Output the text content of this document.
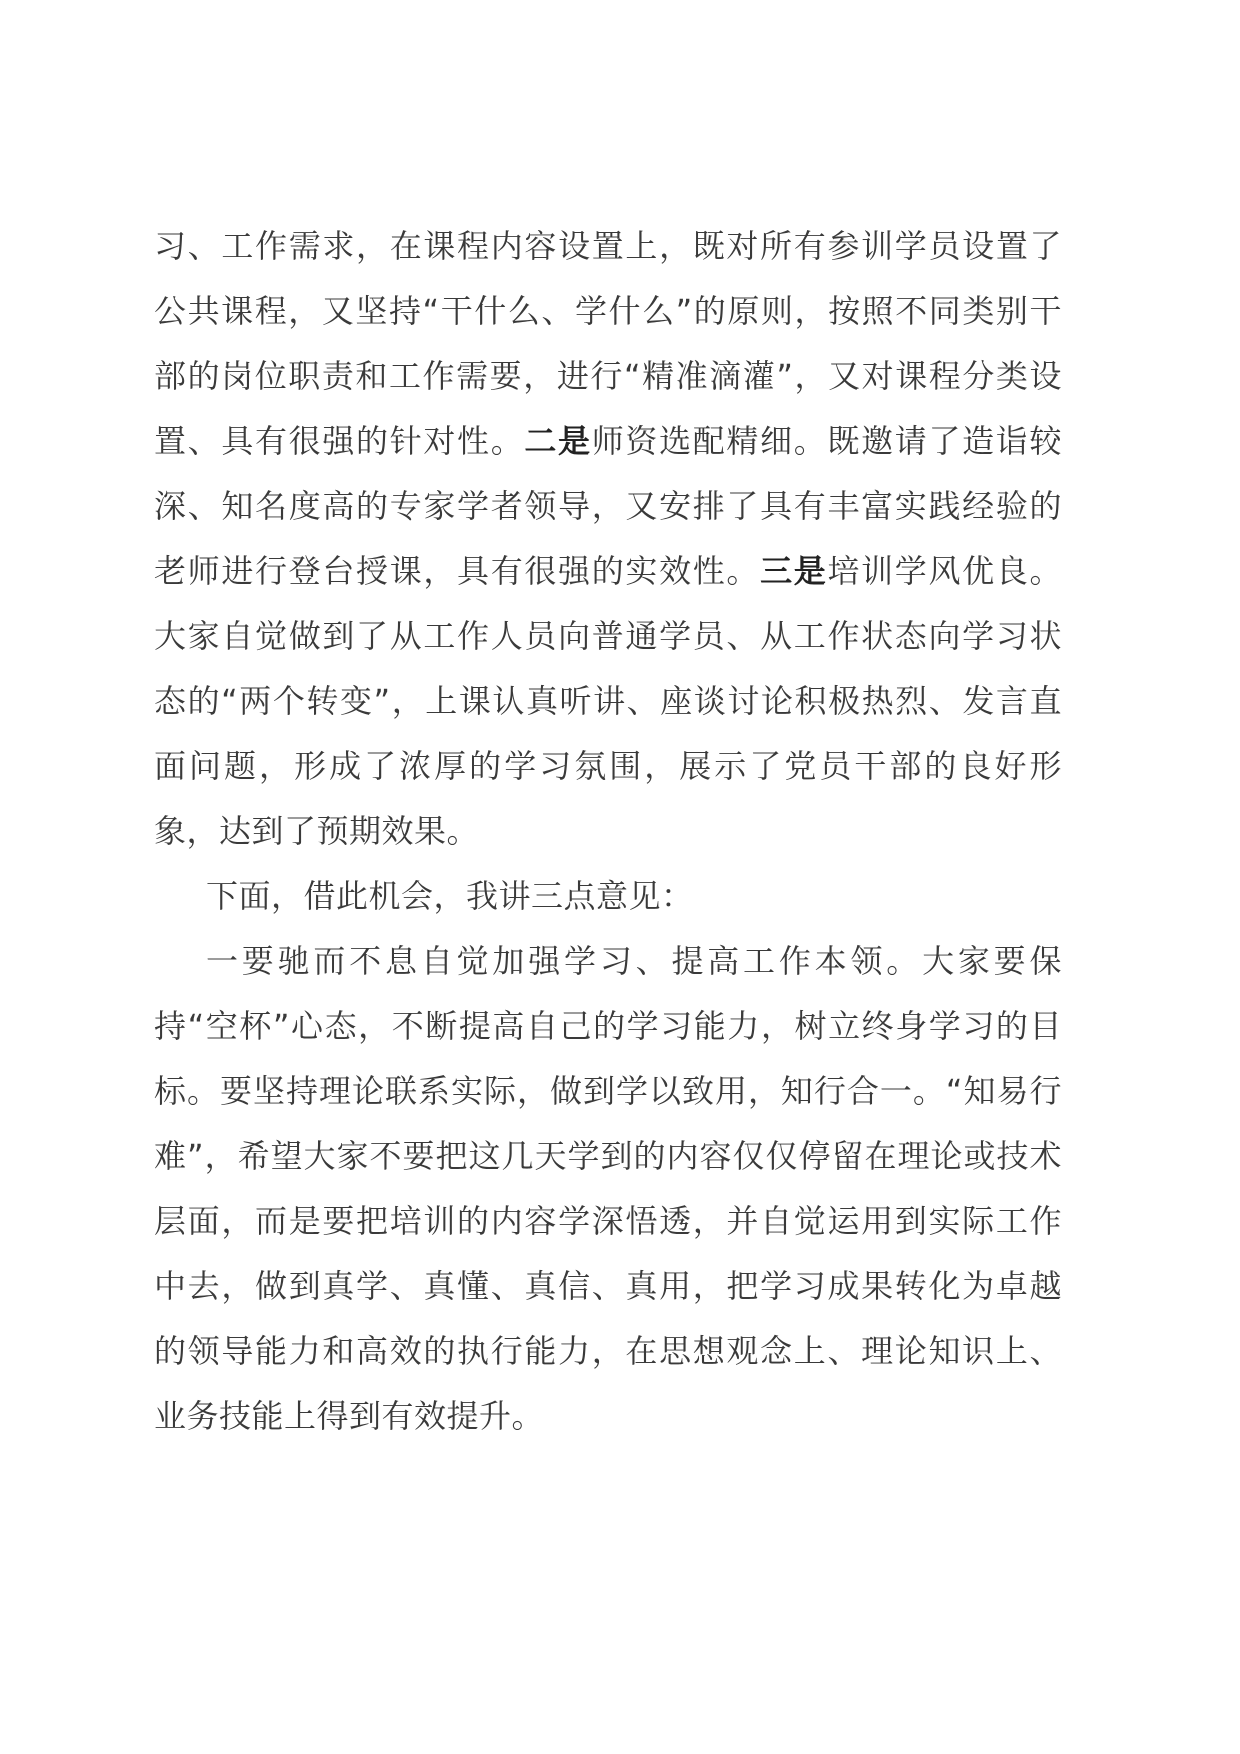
习、工作需求，在课程内容设置上，既对所有参训学员设置了公共课程，又坚持“干什么、学什么”的原则，按照不同类别干部的岗位职责和工作需要，进行“精准滴灌”，又对课程分类设置、具有很强的针对性。二是师资选配精细。既邀请了造诣较深、知名度高的专家学者领导，又安排了具有丰富实践经验的老师进行登台授课，具有很强的实效性。三是培训学风优良。大家自觉做到了从工作人员向普通学员、从工作状态向学习状态的“两个转变”，上课认真听讲、座谈讨论积极热烈、发言直面问题，形成了浓厚的学习氛围，展示了党员干部的良好形象，达到了预期效果。

下面，借此机会，我讲三点意见：

一要驰而不息自觉加强学习、提高工作本领。大家要保持“空杯”心态，不断提高自己的学习能力，树立终身学习的目标。要坚持理论联系实际，做到学以致用，知行合一。“知易行难”，希望大家不要把这几天学到的内容仅仅停留在理论或技术层面，而是要把培训的内容学深悟透，并自觉运用到实际工作中去，做到真学、真懂、真信、真用，把学习成果转化为卓越的领导能力和高效的执行能力，在思想观念上、理论知识上、业务技能上得到有效提升。
